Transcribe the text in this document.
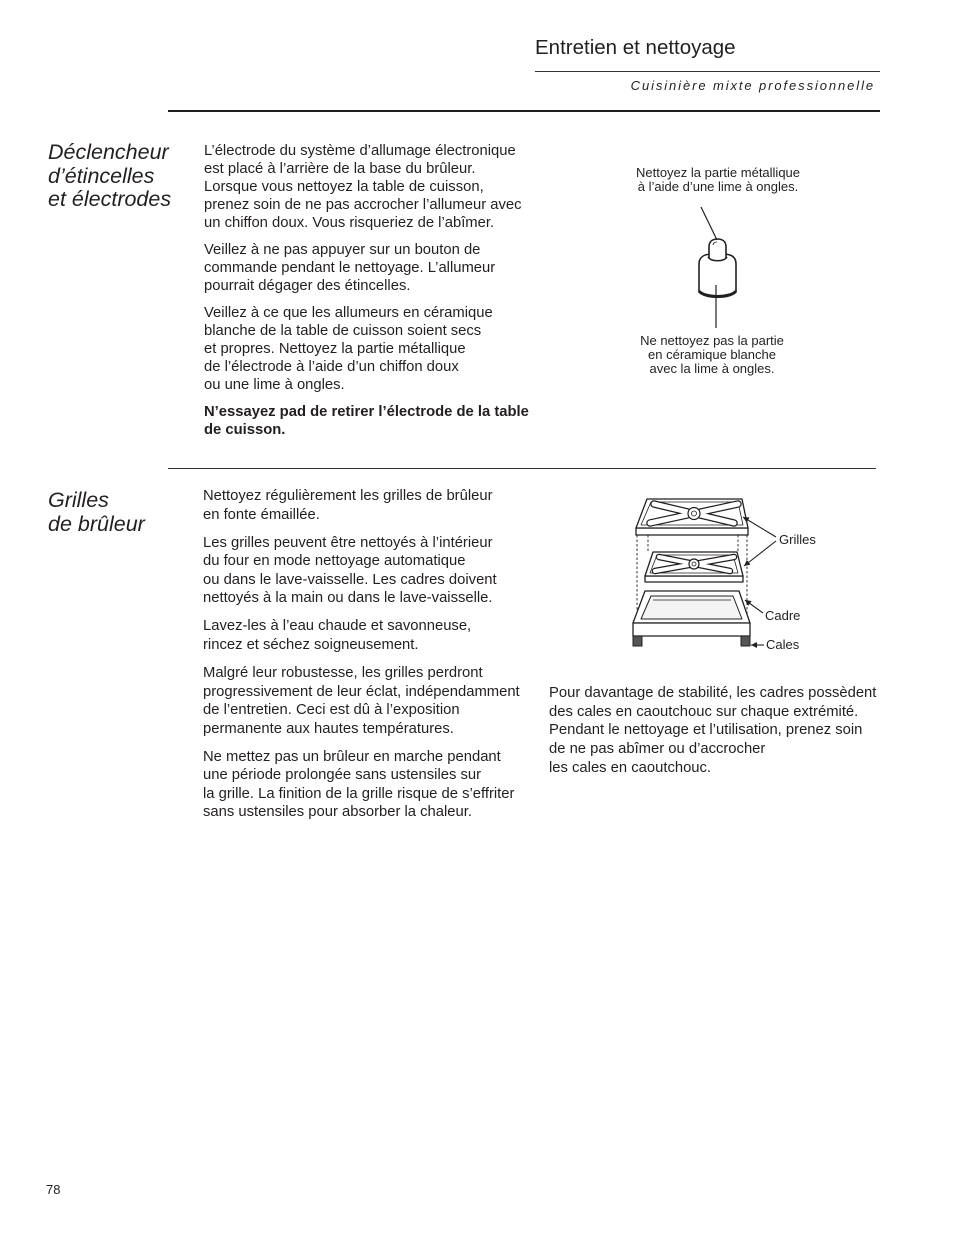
Entretien et nettoyage
Cuisinière mixte professionnelle
Déclencheur
d’étincelles
et électrodes

L’électrode du système d’allumage électronique
est placé à l’arrière de la base du brûleur.
Lorsque vous nettoyez la table de cuisson,
prenez soin de ne pas accrocher l’allumeur avec
un chiffon doux. Vous risqueriez de l’abîmer.

Veillez à ne pas appuyer sur un bouton de
commande pendant le nettoyage. L’allumeur
pourrait dégager des étincelles.

Veillez à ce que les allumeurs en céramique
blanche de la table de cuisson soient secs
et propres. Nettoyez la partie métallique
de l’électrode à l’aide d’un chiffon doux
ou une lime à ongles.

N’essayez pad de retirer l’électrode de la table
de cuisson.

Nettoyez la partie métallique
à l’aide d’une lime à ongles.
Ne nettoyez pas la partie
en céramique blanche
avec la lime à ongles.
Grilles
de brûleur

Nettoyez régulièrement les grilles de brûleur
en fonte émaillée.

Les grilles peuvent être nettoyés à l’intérieur
du four en mode nettoyage automatique
ou dans le lave-vaisselle. Les cadres doivent
nettoyés à la main ou dans le lave-vaisselle.

Lavez-les à l’eau chaude et savonneuse,
rincez et séchez soigneusement.

Malgré leur robustesse, les grilles perdront
progressivement de leur éclat, indépendamment
de l’entretien. Ceci est dû à l’exposition
permanente aux hautes températures.

Ne mettez pas un brûleur en marche pendant
une période prolongée sans ustensiles sur
la grille. La finition de la grille risque de s’effriter
sans ustensiles pour absorber la chaleur.

Grilles
Cadre
Cales
Pour davantage de stabilité, les cadres possèdent
des cales en caoutchouc sur chaque extrémité.
Pendant le nettoyage et l’utilisation, prenez soin
de ne pas abîmer ou d’accrocher
les cales en caoutchouc.
78
